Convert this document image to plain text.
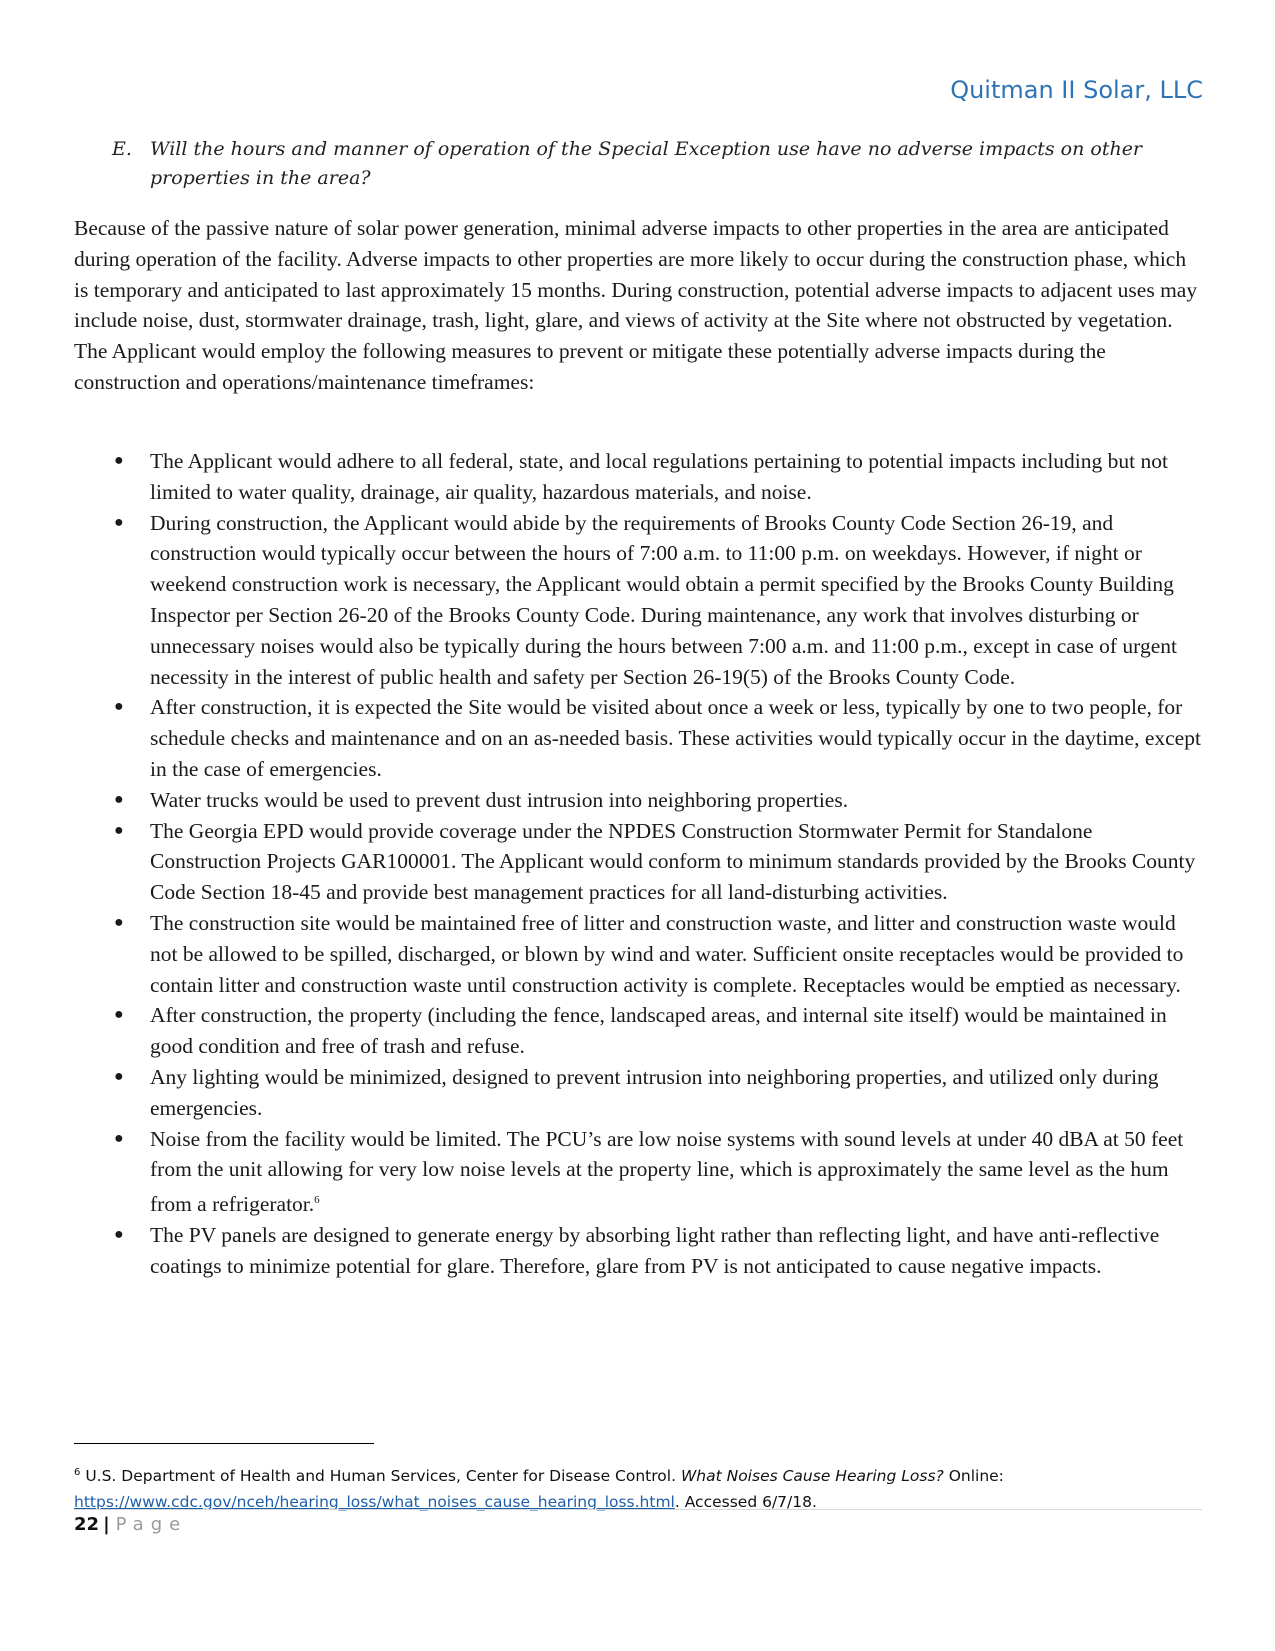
Quitman II Solar, LLC
E. Will the hours and manner of operation of the Special Exception use have no adverse impacts on other properties in the area?

Because of the passive nature of solar power generation, minimal adverse impacts to other properties in the area are anticipated during operation of the facility. Adverse impacts to other properties are more likely to occur during the construction phase, which is temporary and anticipated to last approximately 15 months. During construction, potential adverse impacts to adjacent uses may include noise, dust, stormwater drainage, trash, light, glare, and views of activity at the Site where not obstructed by vegetation. The Applicant would employ the following measures to prevent or mitigate these potentially adverse impacts during the construction and operations/maintenance timeframes:

● The Applicant would adhere to all federal, state, and local regulations pertaining to potential impacts including but not limited to water quality, drainage, air quality, hazardous materials, and noise.
● During construction, the Applicant would abide by the requirements of Brooks County Code Section 26-19, and construction would typically occur between the hours of 7:00 a.m. to 11:00 p.m. on weekdays. However, if night or weekend construction work is necessary, the Applicant would obtain a permit specified by the Brooks County Building Inspector per Section 26-20 of the Brooks County Code. During maintenance, any work that involves disturbing or unnecessary noises would also be typically during the hours between 7:00 a.m. and 11:00 p.m., except in case of urgent necessity in the interest of public health and safety per Section 26-19(5) of the Brooks County Code.
● After construction, it is expected the Site would be visited about once a week or less, typically by one to two people, for schedule checks and maintenance and on an as-needed basis. These activities would typically occur in the daytime, except in the case of emergencies.
● Water trucks would be used to prevent dust intrusion into neighboring properties.
● The Georgia EPD would provide coverage under the NPDES Construction Stormwater Permit for Standalone Construction Projects GAR100001. The Applicant would conform to minimum standards provided by the Brooks County Code Section 18-45 and provide best management practices for all land-disturbing activities.
● The construction site would be maintained free of litter and construction waste, and litter and construction waste would not be allowed to be spilled, discharged, or blown by wind and water. Sufficient onsite receptacles would be provided to contain litter and construction waste until construction activity is complete. Receptacles would be emptied as necessary.
● After construction, the property (including the fence, landscaped areas, and internal site itself) would be maintained in good condition and free of trash and refuse.
● Any lighting would be minimized, designed to prevent intrusion into neighboring properties, and utilized only during emergencies.
● Noise from the facility would be limited. The PCU’s are low noise systems with sound levels at under 40 dBA at 50 feet from the unit allowing for very low noise levels at the property line, which is approximately the same level as the hum from a refrigerator.$^6$
● The PV panels are designed to generate energy by absorbing light rather than reflecting light, and have anti-reflective coatings to minimize potential for glare. Therefore, glare from PV is not anticipated to cause negative impacts.
$^6$ U.S. Department of Health and Human Services, Center for Disease Control. What Noises Cause Hearing Loss? Online:
https://www.cdc.gov/nceh/hearing_loss/what_noises_cause_hearing_loss.html. Accessed 6/7/18.
22 | Page
